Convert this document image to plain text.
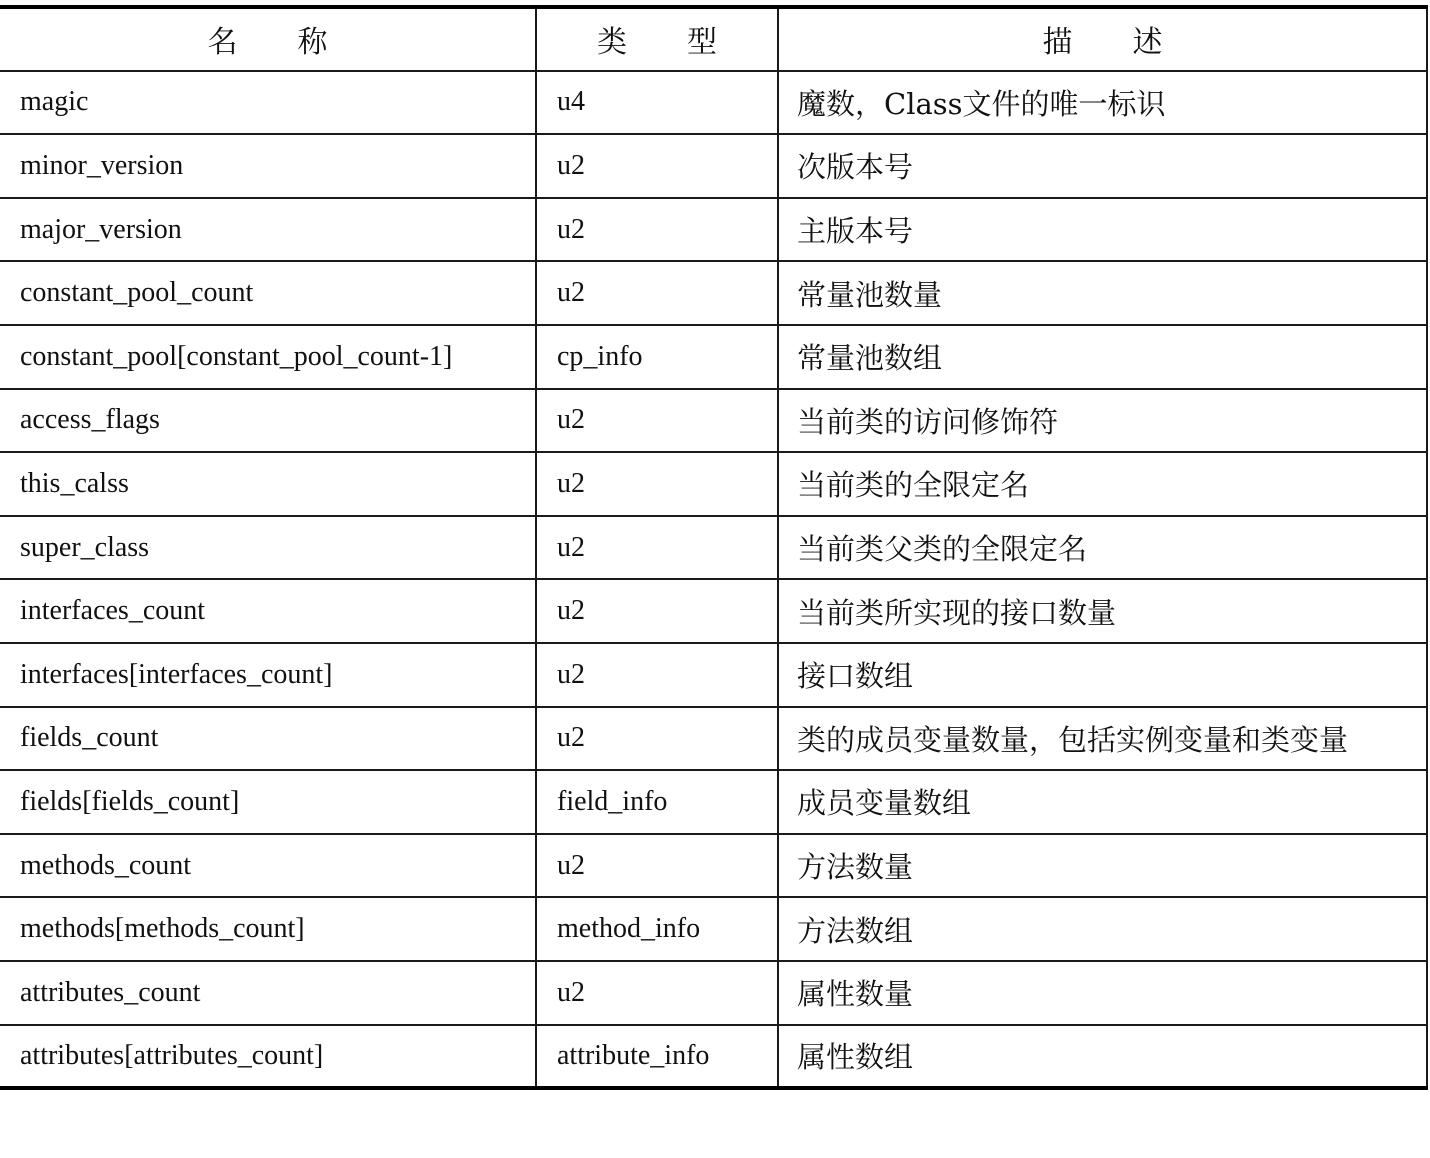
名　　称	类　　型	描　　述
magic	u4	魔数，Class文件的唯一标识
minor_version	u2	次版本号
major_version	u2	主版本号
constant_pool_count	u2	常量池数量
constant_pool[constant_pool_count-1]	cp_info	常量池数组
access_flags	u2	当前类的访问修饰符
this_calss	u2	当前类的全限定名
super_class	u2	当前类父类的全限定名
interfaces_count	u2	当前类所实现的接口数量
interfaces[interfaces_count]	u2	接口数组
fields_count	u2	类的成员变量数量，包括实例变量和类变量
fields[fields_count]	field_info	成员变量数组
methods_count	u2	方法数量
methods[methods_count]	method_info	方法数组
attributes_count	u2	属性数量
attributes[attributes_count]	attribute_info	属性数组
